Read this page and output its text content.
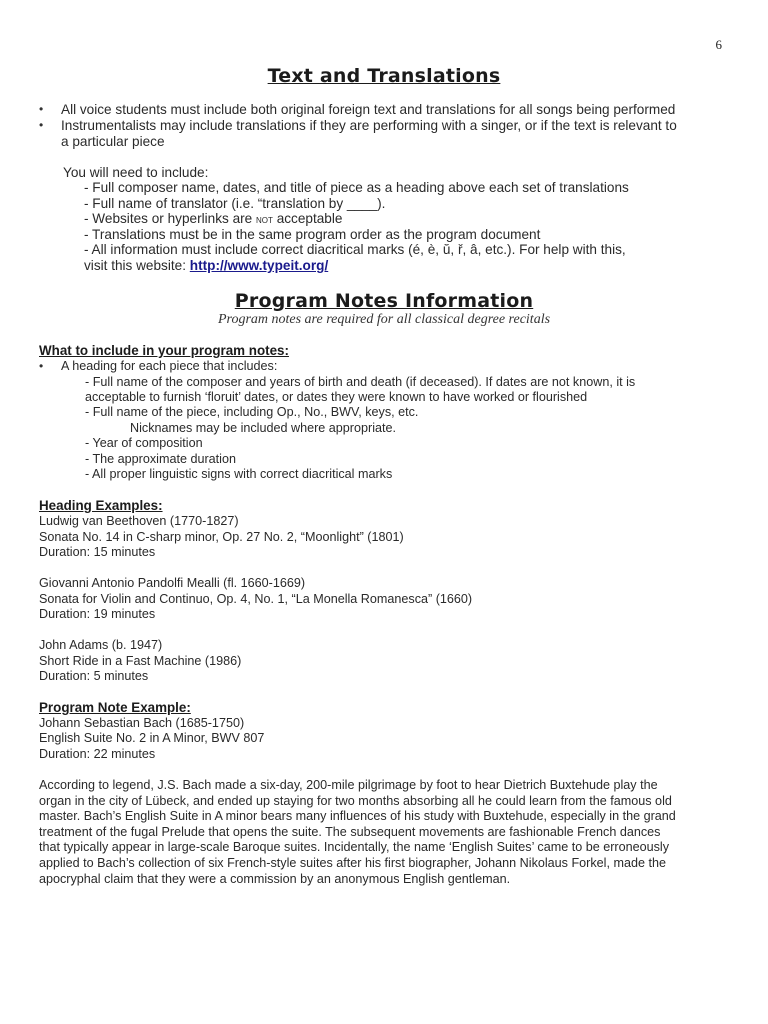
6
Text and Translations
• All voice students must include both original foreign text and translations for all songs being performed
• Instrumentalists may include translations if they are performing with a singer, or if the text is relevant to
a particular piece
You will need to include:
- Full composer name, dates, and title of piece as a heading above each set of translations
- Full name of translator (i.e. “translation by ____).
- Websites or hyperlinks are not acceptable
- Translations must be in the same program order as the program document
- All information must include correct diacritical marks (é, è, ŭ, ř, â, etc.). For help with this,
visit this website: http://www.typeit.org/
Program Notes Information
Program notes are required for all classical degree recitals
What to include in your program notes:
• A heading for each piece that includes:
- Full name of the composer and years of birth and death (if deceased). If dates are not known, it is
acceptable to furnish ‘floruit’ dates, or dates they were known to have worked or flourished
- Full name of the piece, including Op., No., BWV, keys, etc.
Nicknames may be included where appropriate.
- Year of composition
- The approximate duration
- All proper linguistic signs with correct diacritical marks
Heading Examples:
Ludwig van Beethoven (1770-1827)
Sonata No. 14 in C-sharp minor, Op. 27 No. 2, “Moonlight” (1801)
Duration: 15 minutes
Giovanni Antonio Pandolfi Mealli (fl. 1660-1669)
Sonata for Violin and Continuo, Op. 4, No. 1, “La Monella Romanesca” (1660)
Duration: 19 minutes
John Adams (b. 1947)
Short Ride in a Fast Machine (1986)
Duration: 5 minutes
Program Note Example:
Johann Sebastian Bach (1685-1750)
English Suite No. 2 in A Minor, BWV 807
Duration: 22 minutes
According to legend, J.S. Bach made a six-day, 200-mile pilgrimage by foot to hear Dietrich Buxtehude play the
organ in the city of Lübeck, and ended up staying for two months absorbing all he could learn from the famous old
master. Bach’s English Suite in A minor bears many influences of his study with Buxtehude, especially in the grand
treatment of the fugal Prelude that opens the suite. The subsequent movements are fashionable French dances
that typically appear in large-scale Baroque suites. Incidentally, the name ‘English Suites’ came to be erroneously
applied to Bach’s collection of six French-style suites after his first biographer, Johann Nikolaus Forkel, made the
apocryphal claim that they were a commission by an anonymous English gentleman.
